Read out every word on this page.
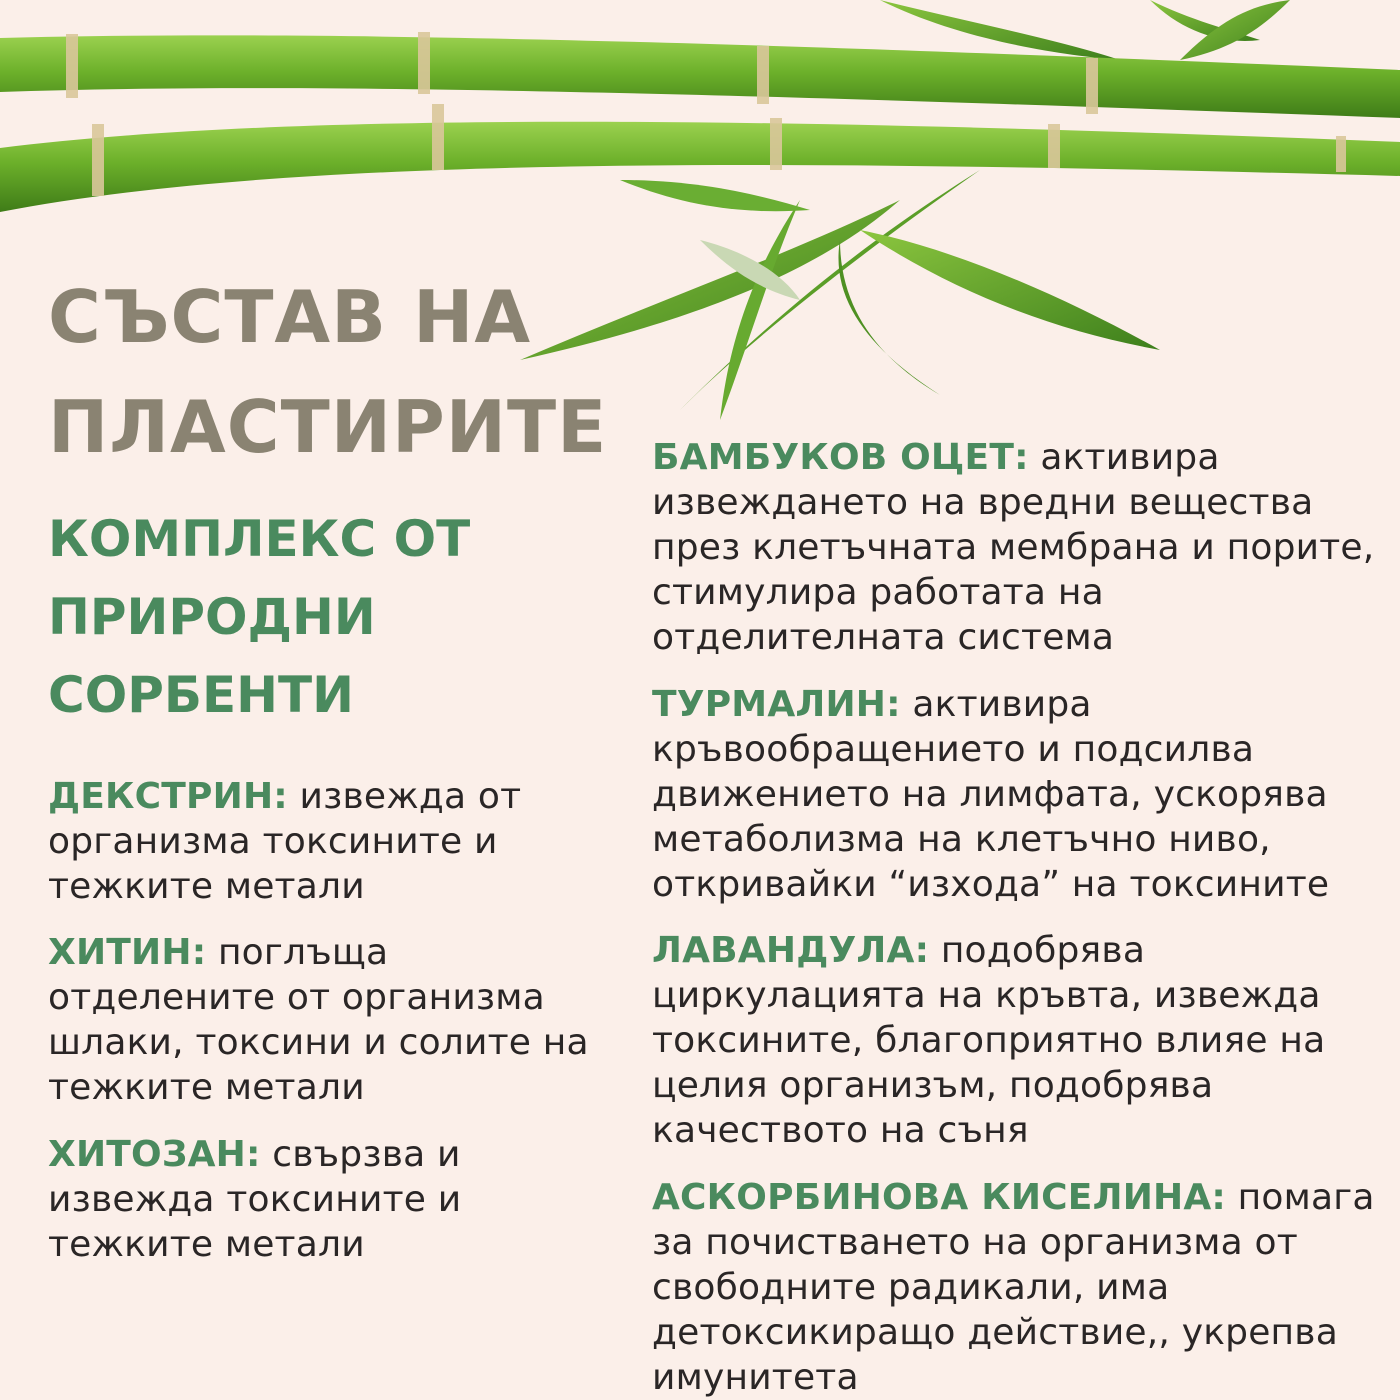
СЪСТАВ НА
ПЛАСТИРИТЕ
КОМПЛЕКС ОТ
ПРИРОДНИ
СОРБЕНТИ

ДЕКСТРИН: извежда от
организма токсините и
тежките метали

ХИТИН: поглъща
отделените от организма
шлаки, токсини и солите на
тежките метали

ХИТОЗАН: свързва и
извежда токсините и
тежките метали

БАМБУКОВ ОЦЕТ: активира
извеждането на вредни вещества
през клетъчната мембрана и порите,
стимулира работата на
отделителната система

ТУРМАЛИН: активира
кръвообращението и подсилва
движението на лимфата, ускорява
метаболизма на клетъчно ниво,
откривайки “изхода” на токсините

ЛАВАНДУЛА: подобрява
циркулацията на кръвта, извежда
токсините, благоприятно влияе на
целия организъм, подобрява
качеството на съня

АСКОРБИНОВА КИСЕЛИНА: помага
за почистването на организма от
свободните радикали, има
детоксикиращо действие,, укрепва
имунитета
